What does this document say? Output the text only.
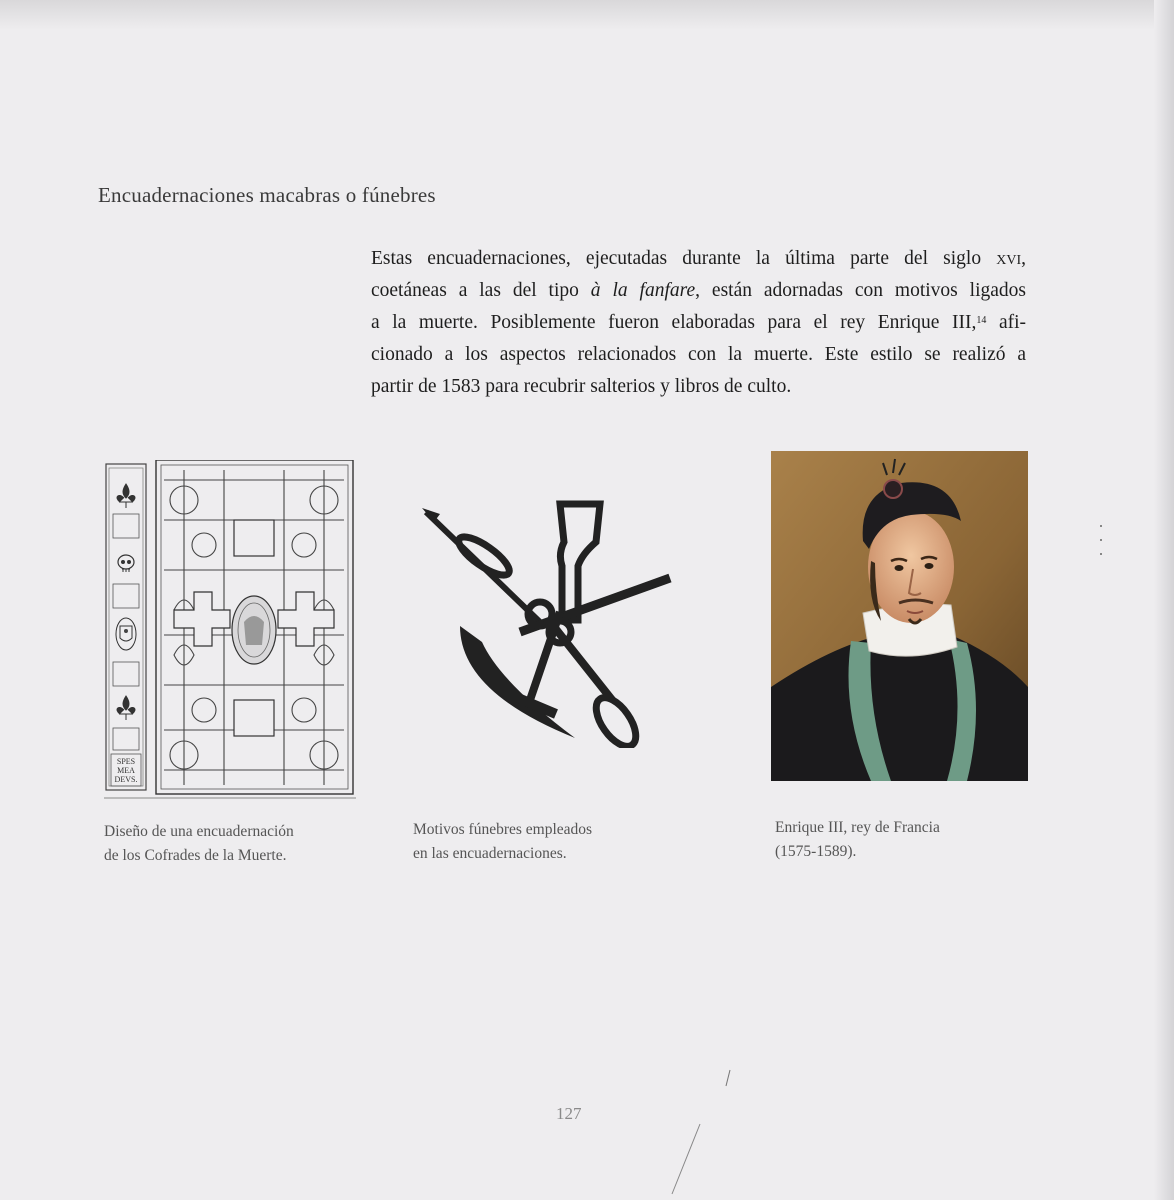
Encuadernaciones macabras o fúnebres
Estas encuadernaciones, ejecutadas durante la última parte del siglo xvi,
coetáneas a las del tipo à la fanfare, están adornadas con motivos ligados
a la muerte. Posiblemente fueron elaboradas para el rey Enrique III,$^{14}$ afi-
cionado a los aspectos relacionados con la muerte. Este estilo se realizó a
partir de 1583 para recubrir salterios y libros de culto.
SPES
MEA
DEVS.
Diseño de una encuadernación
de los Cofrades de la Muerte.
Motivos fúnebres empleados
en las encuadernaciones.
Enrique III, rey de Francia
(1575-1589).
127
